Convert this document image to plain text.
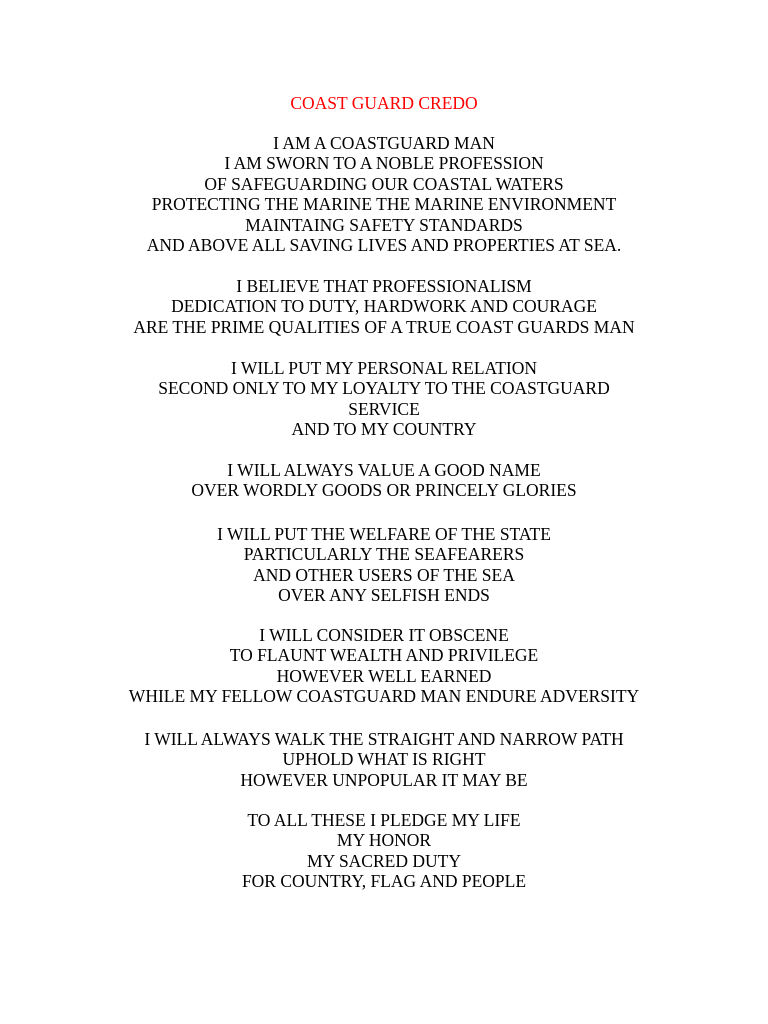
COAST GUARD CREDO
I AM A COASTGUARD MAN
I AM SWORN TO A NOBLE PROFESSION
OF SAFEGUARDING OUR COASTAL WATERS
PROTECTING THE MARINE THE MARINE ENVIRONMENT
MAINTAING SAFETY STANDARDS
AND ABOVE ALL SAVING LIVES AND PROPERTIES AT SEA.
I BELIEVE THAT PROFESSIONALISM
DEDICATION TO DUTY, HARDWORK AND COURAGE
ARE THE PRIME QUALITIES OF A TRUE COAST GUARDS MAN
I WILL PUT MY PERSONAL RELATION
SECOND ONLY TO MY LOYALTY TO THE COASTGUARD
SERVICE
AND TO MY COUNTRY
I WILL ALWAYS VALUE A GOOD NAME
OVER WORDLY GOODS OR PRINCELY GLORIES
I WILL PUT THE WELFARE OF THE STATE
PARTICULARLY THE SEAFEARERS
AND OTHER USERS OF THE SEA
OVER ANY SELFISH ENDS
I WILL CONSIDER IT OBSCENE
TO FLAUNT WEALTH AND PRIVILEGE
HOWEVER WELL EARNED
WHILE MY FELLOW COASTGUARD MAN ENDURE ADVERSITY
I WILL ALWAYS WALK THE STRAIGHT AND NARROW PATH
UPHOLD WHAT IS RIGHT
HOWEVER UNPOPULAR IT MAY BE
TO ALL THESE I PLEDGE MY LIFE
MY HONOR
MY SACRED DUTY
FOR COUNTRY, FLAG AND PEOPLE
